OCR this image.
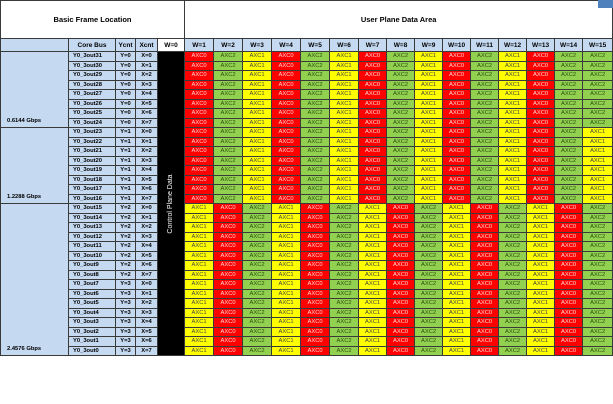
Basic Frame Location					User Plane Data Area														
	Core Bus	Ycnt	Xcnt	W=0	W=1	W=2	W=3	W=4	W=5	W=6	W=7	W=8	W=9	W=10	W=11	W=12	W=13	W=14	W=15
0.6144 Gbps	Y0_3out31	Y=0	X=0	Control Plane Data	AXC0	AXC2	AXC1	AXC0	AXC2	AXC1	AXC0	AXC2	AXC1	AXC0	AXC2	AXC1	AXC0	AXC2	AXC2
	Y0_3out30	Y=0	X=1		AXC0	AXC2	AXC1	AXC0	AXC2	AXC1	AXC0	AXC2	AXC1	AXC0	AXC2	AXC1	AXC0	AXC2	AXC2
	Y0_3out29	Y=0	X=2		AXC0	AXC2	AXC1	AXC0	AXC2	AXC1	AXC0	AXC2	AXC1	AXC0	AXC2	AXC1	AXC0	AXC2	AXC2
	Y0_3out28	Y=0	X=3		AXC0	AXC2	AXC1	AXC0	AXC2	AXC1	AXC0	AXC2	AXC1	AXC0	AXC2	AXC1	AXC0	AXC2	AXC2
	Y0_3out27	Y=0	X=4		AXC0	AXC2	AXC1	AXC0	AXC2	AXC1	AXC0	AXC2	AXC1	AXC0	AXC2	AXC1	AXC0	AXC2	AXC2
	Y0_3out26	Y=0	X=5		AXC0	AXC2	AXC1	AXC0	AXC2	AXC1	AXC0	AXC2	AXC1	AXC0	AXC2	AXC1	AXC0	AXC2	AXC2
	Y0_3out25	Y=0	X=6		AXC0	AXC2	AXC1	AXC0	AXC2	AXC1	AXC0	AXC2	AXC1	AXC0	AXC2	AXC1	AXC0	AXC2	AXC2
	Y0_3out24	Y=0	X=7		AXC0	AXC2	AXC1	AXC0	AXC2	AXC1	AXC0	AXC2	AXC1	AXC0	AXC2	AXC1	AXC0	AXC2	AXC2
1.2288 Gbps	Y0_3out23	Y=1	X=0		AXC0	AXC2	AXC1	AXC0	AXC2	AXC1	AXC0	AXC2	AXC1	AXC0	AXC2	AXC1	AXC0	AXC2	AXC1
	Y0_3out22	Y=1	X=1		AXC0	AXC2	AXC1	AXC0	AXC2	AXC1	AXC0	AXC2	AXC1	AXC0	AXC2	AXC1	AXC0	AXC2	AXC1
	Y0_3out21	Y=1	X=2		AXC0	AXC2	AXC1	AXC0	AXC2	AXC1	AXC0	AXC2	AXC1	AXC0	AXC2	AXC1	AXC0	AXC2	AXC1
	Y0_3out20	Y=1	X=3		AXC0	AXC2	AXC1	AXC0	AXC2	AXC1	AXC0	AXC2	AXC1	AXC0	AXC2	AXC1	AXC0	AXC2	AXC1
	Y0_3out19	Y=1	X=4		AXC0	AXC2	AXC1	AXC0	AXC2	AXC1	AXC0	AXC2	AXC1	AXC0	AXC2	AXC1	AXC0	AXC2	AXC1
	Y0_3out18	Y=1	X=5		AXC0	AXC2	AXC1	AXC0	AXC2	AXC1	AXC0	AXC2	AXC1	AXC0	AXC2	AXC1	AXC0	AXC2	AXC1
	Y0_3out17	Y=1	X=6		AXC0	AXC2	AXC1	AXC0	AXC2	AXC1	AXC0	AXC2	AXC1	AXC0	AXC2	AXC1	AXC0	AXC2	AXC1
	Y0_3out16	Y=1	X=7		AXC0	AXC2	AXC1	AXC0	AXC2	AXC1	AXC0	AXC2	AXC1	AXC0	AXC2	AXC1	AXC0	AXC2	AXC1
2.4576 Gbps	Y0_3out15	Y=2	X=0		AXC1	AXC0	AXC2	AXC1	AXC0	AXC2	AXC1	AXC0	AXC2	AXC1	AXC0	AXC2	AXC1	AXC0	AXC2
	Y0_3out14	Y=2	X=1		AXC1	AXC0	AXC2	AXC1	AXC0	AXC2	AXC1	AXC0	AXC2	AXC1	AXC0	AXC2	AXC1	AXC0	AXC2
	Y0_3out13	Y=2	X=2		AXC1	AXC0	AXC2	AXC1	AXC0	AXC2	AXC1	AXC0	AXC2	AXC1	AXC0	AXC2	AXC1	AXC0	AXC2
	Y0_3out12	Y=2	X=3		AXC1	AXC0	AXC2	AXC1	AXC0	AXC2	AXC1	AXC0	AXC2	AXC1	AXC0	AXC2	AXC1	AXC0	AXC2
	Y0_3out11	Y=2	X=4		AXC1	AXC0	AXC2	AXC1	AXC0	AXC2	AXC1	AXC0	AXC2	AXC1	AXC0	AXC2	AXC1	AXC0	AXC2
	Y0_3out10	Y=2	X=5		AXC1	AXC0	AXC2	AXC1	AXC0	AXC2	AXC1	AXC0	AXC2	AXC1	AXC0	AXC2	AXC1	AXC0	AXC2
	Y0_3out9	Y=2	X=6		AXC1	AXC0	AXC2	AXC1	AXC0	AXC2	AXC1	AXC0	AXC2	AXC1	AXC0	AXC2	AXC1	AXC0	AXC2
	Y0_3out8	Y=2	X=7		AXC1	AXC0	AXC2	AXC1	AXC0	AXC2	AXC1	AXC0	AXC2	AXC1	AXC0	AXC2	AXC1	AXC0	AXC2
	Y0_3out7	Y=3	X=0		AXC1	AXC0	AXC2	AXC1	AXC0	AXC2	AXC1	AXC0	AXC2	AXC1	AXC0	AXC2	AXC1	AXC0	AXC2
	Y0_3out6	Y=3	X=1		AXC1	AXC0	AXC2	AXC1	AXC0	AXC2	AXC1	AXC0	AXC2	AXC1	AXC0	AXC2	AXC1	AXC0	AXC2
	Y0_3out5	Y=3	X=2		AXC1	AXC0	AXC2	AXC1	AXC0	AXC2	AXC1	AXC0	AXC2	AXC1	AXC0	AXC2	AXC1	AXC0	AXC2
	Y0_3out4	Y=3	X=3		AXC1	AXC0	AXC2	AXC1	AXC0	AXC2	AXC1	AXC0	AXC2	AXC1	AXC0	AXC2	AXC1	AXC0	AXC2
	Y0_3out3	Y=3	X=4		AXC1	AXC0	AXC2	AXC1	AXC0	AXC2	AXC1	AXC0	AXC2	AXC1	AXC0	AXC2	AXC1	AXC0	AXC2
	Y0_3out2	Y=3	X=5		AXC1	AXC0	AXC2	AXC1	AXC0	AXC2	AXC1	AXC0	AXC2	AXC1	AXC0	AXC2	AXC1	AXC0	AXC2
	Y0_3out1	Y=3	X=6		AXC1	AXC0	AXC2	AXC1	AXC0	AXC2	AXC1	AXC0	AXC2	AXC1	AXC0	AXC2	AXC1	AXC0	AXC2
	Y0_3out0	Y=3	X=7		AXC1	AXC0	AXC2	AXC1	AXC0	AXC2	AXC1	AXC0	AXC2	AXC1	AXC0	AXC2	AXC1	AXC0	AXC2
